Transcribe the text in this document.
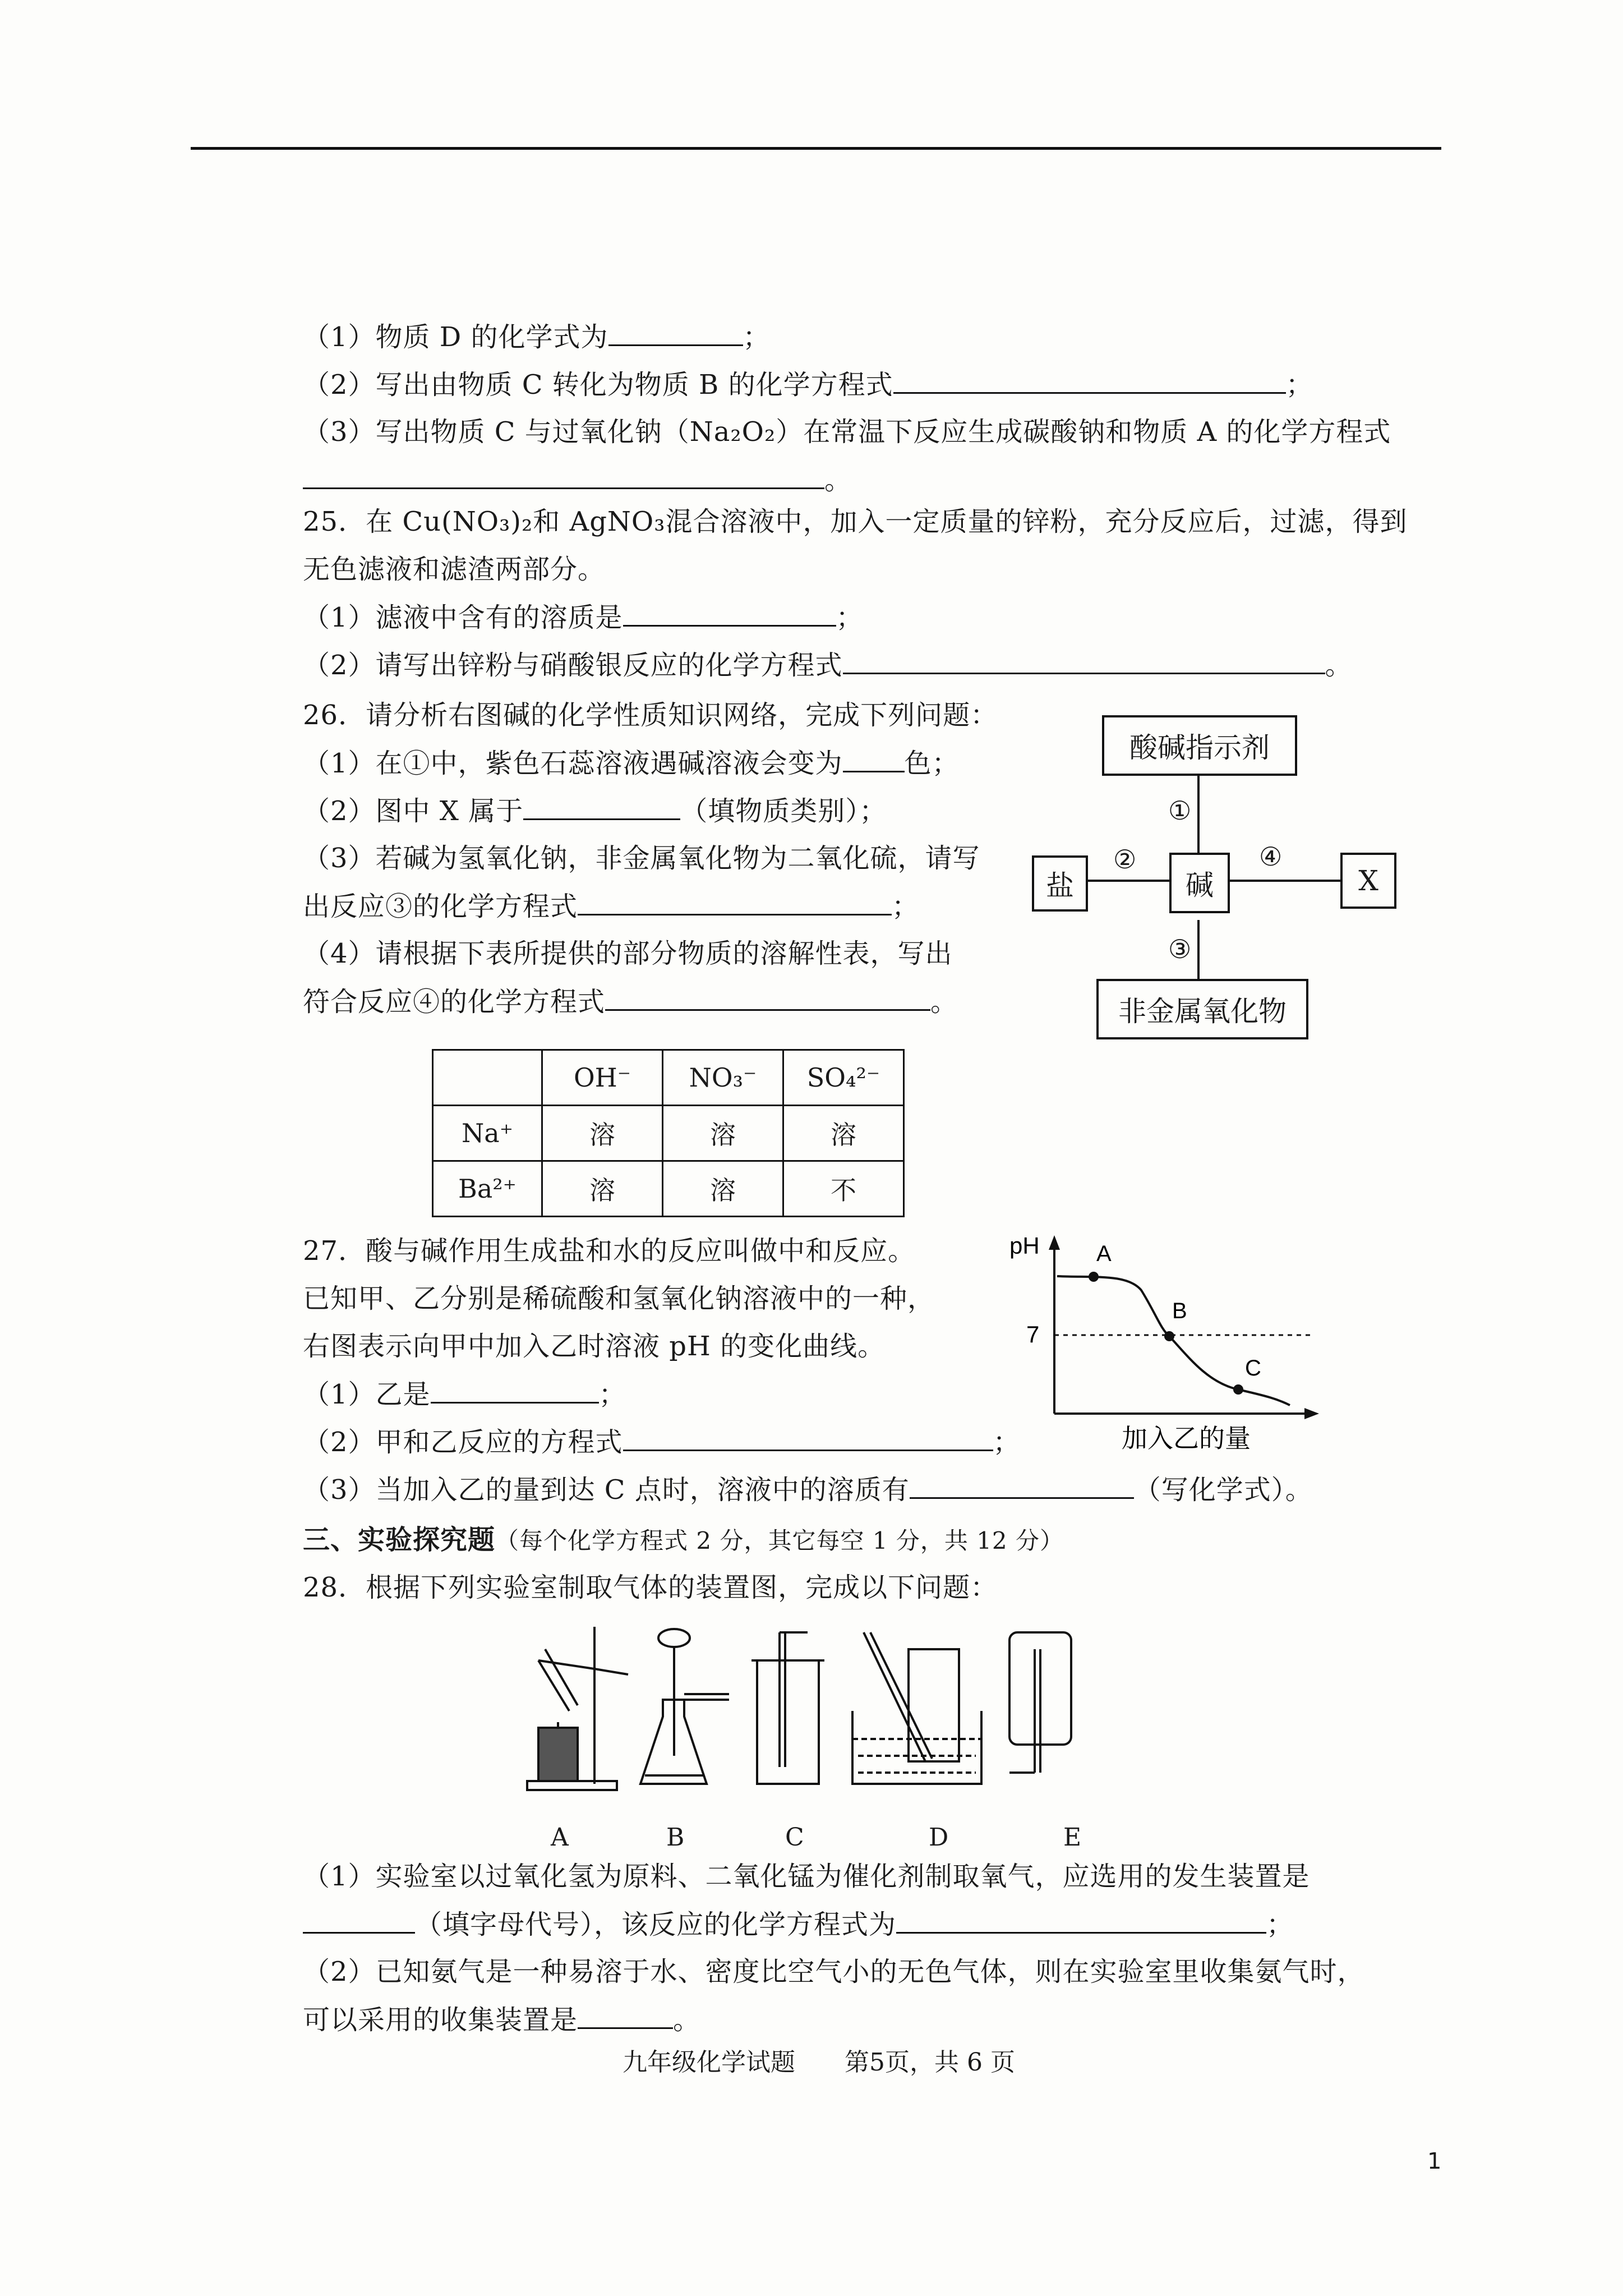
（1）物质 D 的化学式为	；
（2）写出由物质 C 转化为物质 B 的化学方程式	；
（3）写出物质 C 与过氧化钠（Na₂O₂）在常温下反应生成碳酸钠和物质 A 的化学方程式
。
25．在 Cu(NO₃)₂和 AgNO₃混合溶液中，加入一定质量的锌粉，充分反应后，过滤，得到
无色滤液和滤渣两部分。
（1）滤液中含有的溶质是	；
（2）请写出锌粉与硝酸银反应的化学方程式	。
26．请分析右图碱的化学性质知识网络，完成下列问题：
（1）在①中，紫色石蕊溶液遇碱溶液会变为 色；
（2）图中 X 属于	（填物质类别）；
（3）若碱为氢氧化钠，非金属氧化物为二氧化硫，请写
出反应③的化学方程式	；
（4）请根据下表所提供的部分物质的溶解性表，写出
符合反应④的化学方程式	。
酸碱指示剂
碱
盐	X
非金属氧化物
①
②
③
④
	OH⁻	NO₃⁻	SO₄²⁻
Na⁺	溶	溶	溶
Ba²⁺	溶	溶	不
27．酸与碱作用生成盐和水的反应叫做中和反应。
已知甲、乙分别是稀硫酸和氢氧化钠溶液中的一种，
右图表示向甲中加入乙时溶液 pH 的变化曲线。
（1）乙是	；
（2）甲和乙反应的方程式	；
（3）当加入乙的量到达 C 点时，溶液中的溶质有	（写化学式）。
pH
7
A
B
C
加入乙的量
三、实验探究题（每个化学方程式 2 分，其它每空 1 分，共 12 分）
28．根据下列实验室制取气体的装置图，完成以下问题：
A	B	C	D	E
（1）实验室以过氧化氢为原料、二氧化锰为催化剂制取氧气，应选用的发生装置是
（填字母代号），该反应的化学方程式为	；
（2）已知氨气是一种易溶于水、密度比空气小的无色气体，则在实验室里收集氨气时，
可以采用的收集装置是	。
九年级化学试题　　第5页，共 6 页
1
